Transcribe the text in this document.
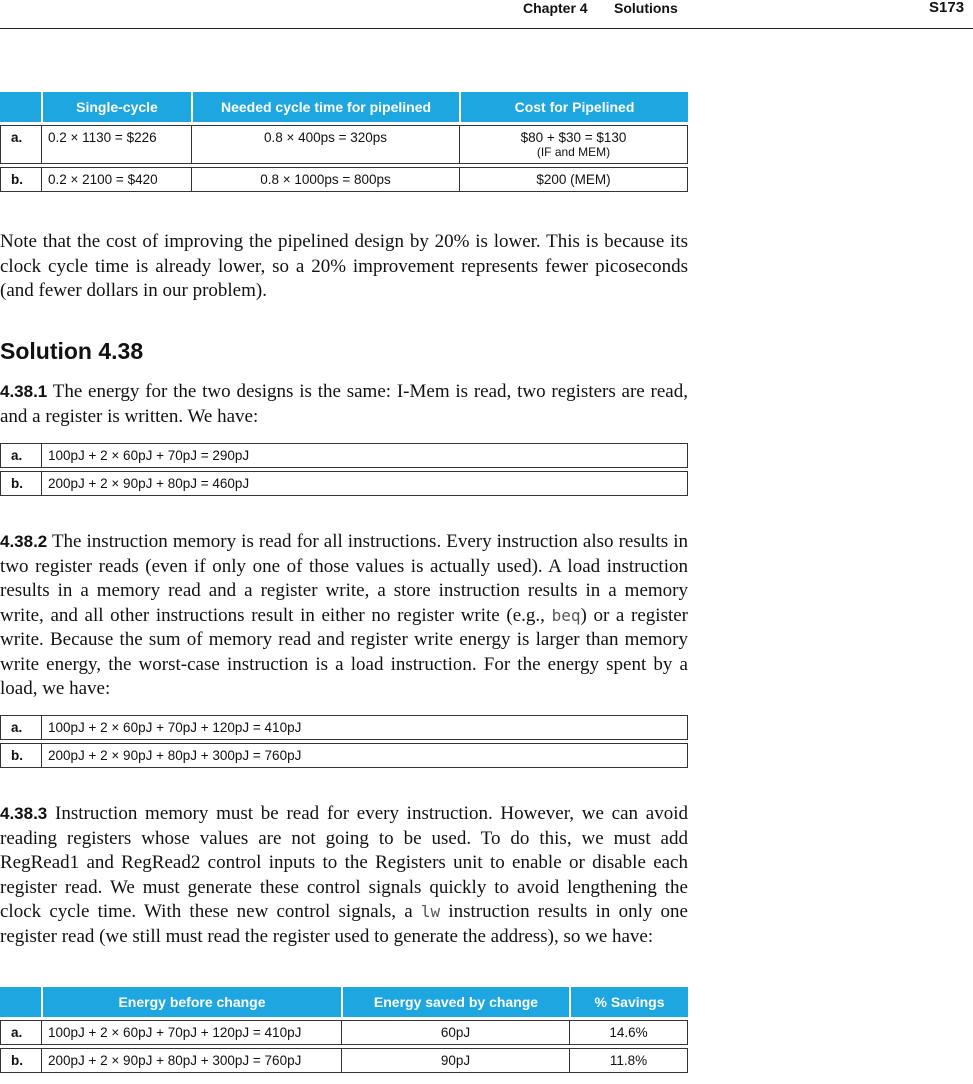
Chapter 4 Solutions	S173
	Single-cycle	Needed cycle time for pipelined	Cost for Pipelined
a.	0.2 × 1130 = $226	0.8 × 400ps = 320ps	$80 + $30 = $130
(IF and MEM)

b.	0.2 × 2100 = $420	0.8 × 1000ps = 800ps	$200 (MEM)

Note that the cost of improving the pipelined design by 20% is lower. This is because its clock cycle time is already lower, so a 20% improvement represents fewer picoseconds (and fewer dollars in our problem).

Solution 4.38

4.38.1 The energy for the two designs is the same: I-Mem is read, two registers are read, and a register is written. We have:

a.	100pJ + 2 × 60pJ + 70pJ = 290pJ
b.	200pJ + 2 × 90pJ + 80pJ = 460pJ

4.38.2 The instruction memory is read for all instructions. Every instruction also results in two register reads (even if only one of those values is actually used). A load instruction results in a memory read and a register write, a store instruction results in a memory write, and all other instructions result in either no register write (e.g., beq) or a register write. Because the sum of memory read and register write energy is larger than memory write energy, the worst-case instruction is a load instruction. For the energy spent by a load, we have:

a.	100pJ + 2 × 60pJ + 70pJ + 120pJ = 410pJ
b.	200pJ + 2 × 90pJ + 80pJ + 300pJ = 760pJ

4.38.3 Instruction memory must be read for every instruction. However, we can avoid reading registers whose values are not going to be used. To do this, we must add RegRead1 and RegRead2 control inputs to the Registers unit to enable or disable each register read. We must generate these control signals quickly to avoid lengthening the clock cycle time. With these new control signals, a lw instruction results in only one register read (we still must read the register used to generate the address), so we have:

	Energy before change	Energy saved by change	% Savings
a.	100pJ + 2 × 60pJ + 70pJ + 120pJ = 410pJ	60pJ	14.6%
b.	200pJ + 2 × 90pJ + 80pJ + 300pJ = 760pJ	90pJ	11.8%
